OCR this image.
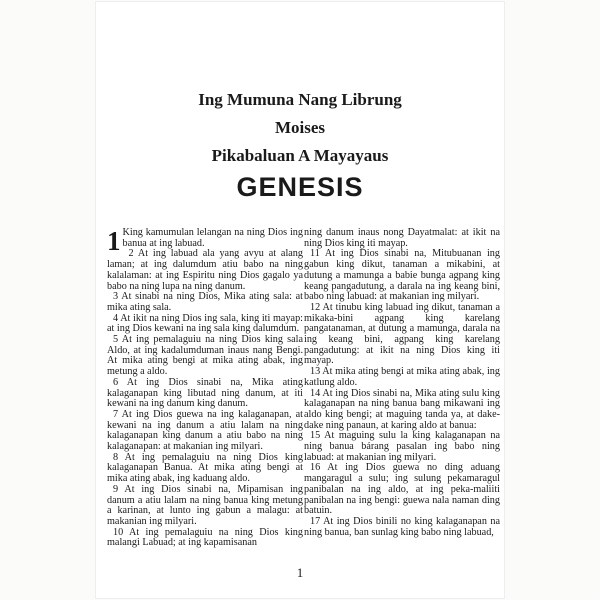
Ing Mumuna Nang Librung
Moises
Pikabaluan A Mayayaus
GENESIS

1 King kamumulan lelangan na ning Dios ing banua at ing labuad.

2 At ing labuad ala yang avyu at alang laman; at ing dalumdum atiu babo na ning kalalaman: at ing Espiritu ning Dios gagalo ya babo na ning lupa na ning danum.

3 At sinabi na ning Dios, Mika ating sala: at mika ating sala.

4 At ikit na ning Dios ing sala, king iti mayap: at ing Dios kewani na ing sala king dalumdum.

5 At ing pemalaguiu na ning Dios king sala Aldo, at ing kadalumduman inaus nang Bengi. At mika ating bengi at mika ating abak, ing metung a aldo.

6 At ing Dios sinabi na, Mika ating kalaganapan king libutad ning danum, at iti kewani na ing danum king danum.

7 At ing Dios guewa na ing kalaganapan, at kewani na ing danum a atiu lalam na ning kalaganapan king danum a atiu babo na ning kalaganapan: at makanian ing milyari.

8 At ing pemalaguiu na ning Dios king kalaganapan Banua. At mika ating bengi at mika ating abak, ing kaduang aldo.

9 At ing Dios sinabi na, Mipamisan ing danum a atiu lalam na ning banua king metung a karinan, at lunto ing gabun a malagu: at makanian ing milyari.

10 At ing pemalaguiu na ning Dios king malangi Labuad; at ing kapamisanan

ning danum inaus nong Dayatmalat: at ikit na ning Dios king iti mayap.

11 At ing Dios sinabi na, Mitubuanan ing gabun king dikut, tanaman a mikabini, at dutung a mamunga a babie bunga agpang king keang pangadutung, a darala na ing keang bini, babo ning labuad: at makanian ing milyari.

12 At tinubu king labuad ing dikut, tanaman a mikaka-bini agpang king karelang pangatanaman, at dutung a mamunga, darala na ing keang bini, agpang king karelang pangadutung: at ikit na ning Dios king iti mayap.

13 At mika ating bengi at mika ating abak, ing katlung aldo.

14 At ing Dios sinabi na, Mika ating sulu king kalaganapan na ning banua bang mikawani ing aldo king bengi; at maguing tanda ya, at dake-dake ning panaun, at karing aldo at banua:

15 At maguing sulu la king kalaganapan na ning banua bárang pasalan ing babo ning labuad: at makanian ing milyari.

16 At ing Dios guewa no ding aduang mangaragul a sulu; ing sulung pekamaragul panibalan na ing aldo, at ing peka-maliiti panibalan na ing bengi: guewa nala naman ding batuin.

17 At ing Dios binili no king kalaganapan na ning banua, ban sunlag king babo ning labuad,

1
